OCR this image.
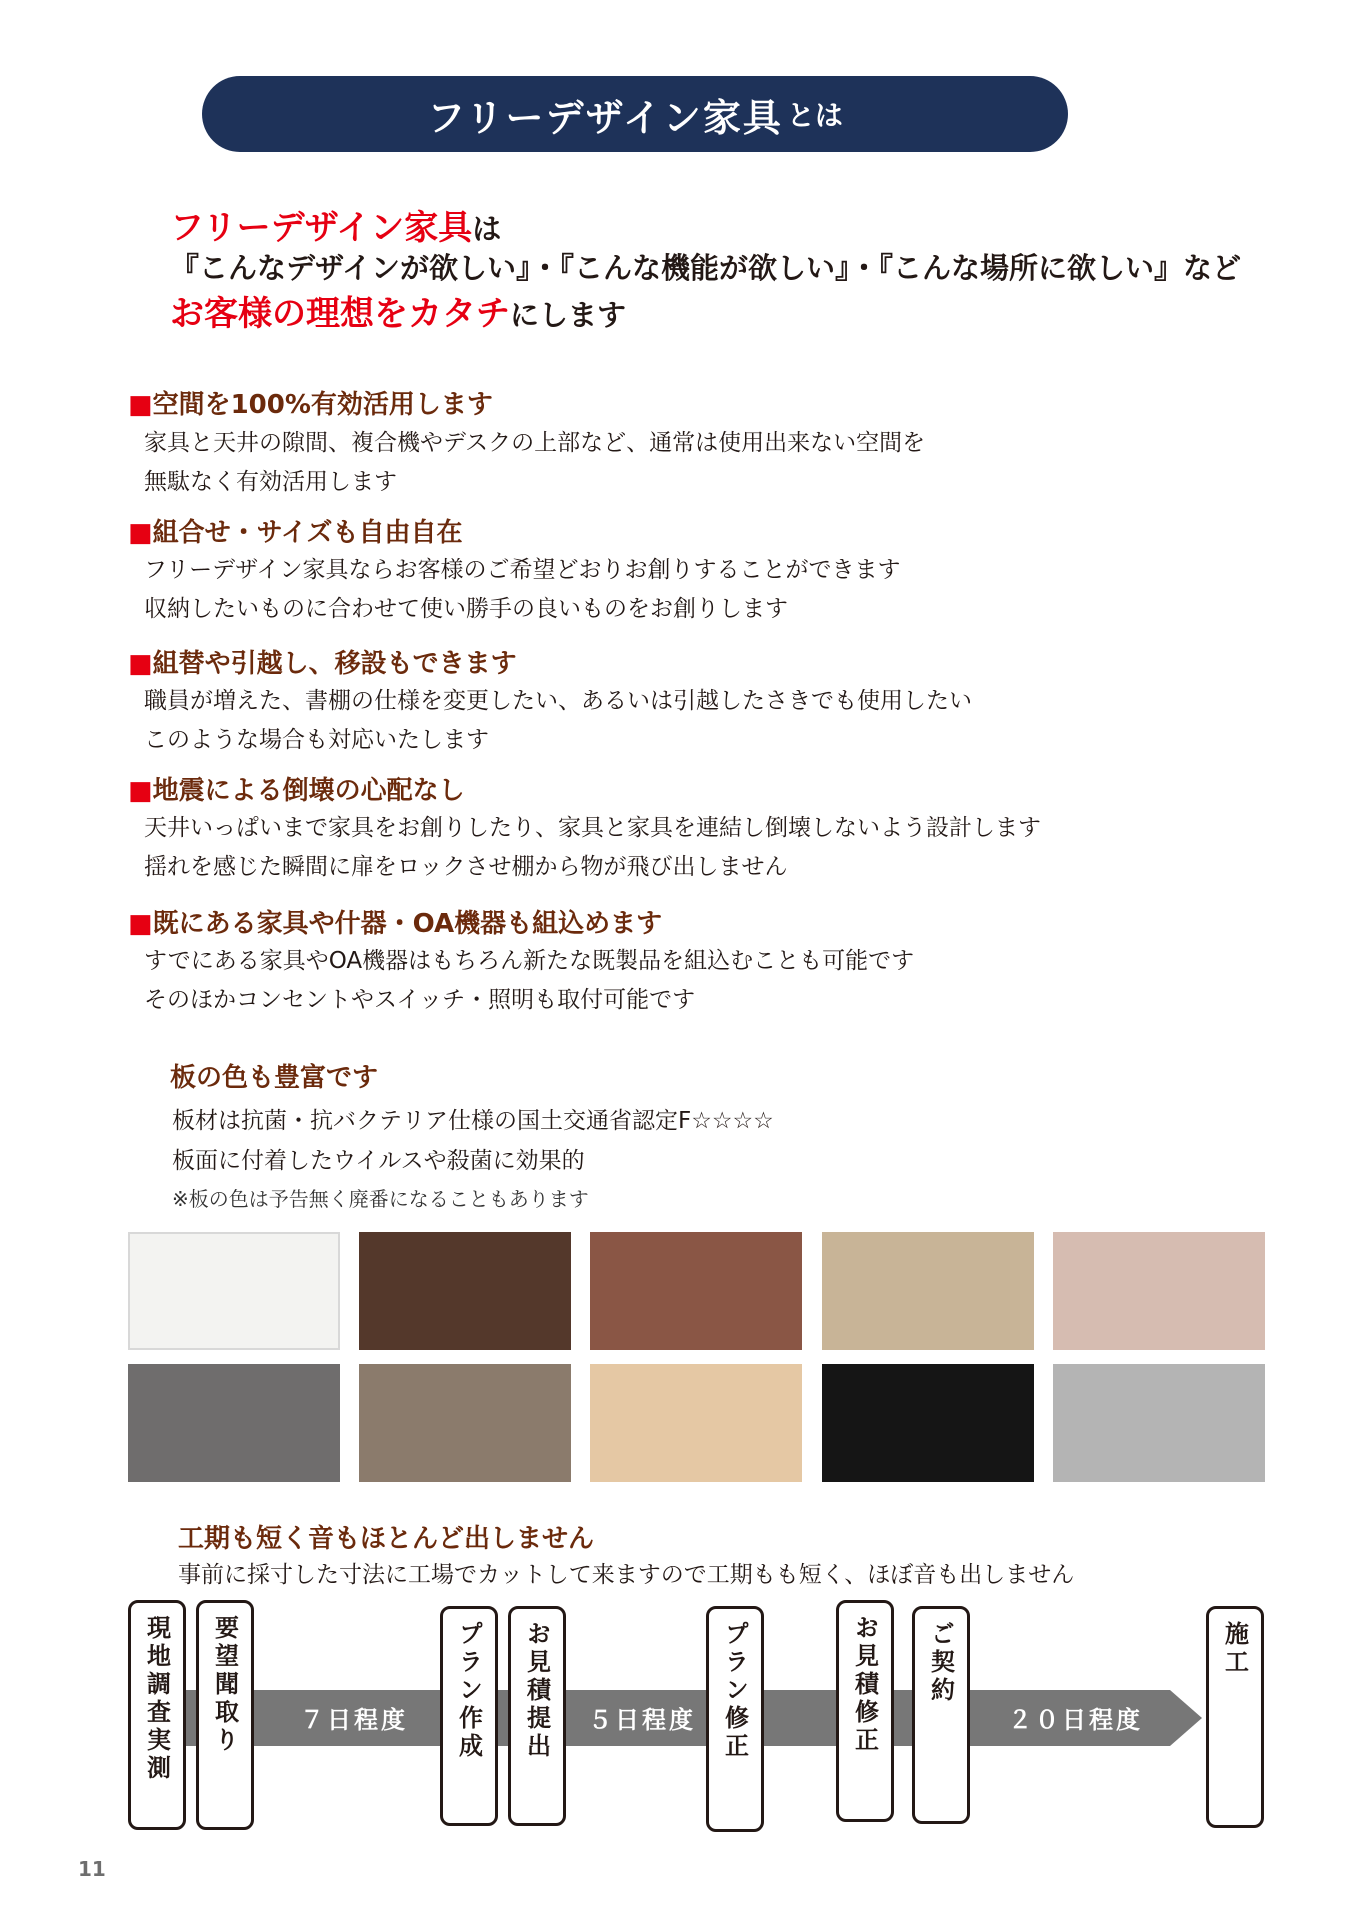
フリーデザイン家具 とは
フリーデザイン家具は
『こんなデザインが欲しい』・『こんな機能が欲しい』・『こんな場所に欲しい』など
お客様の理想をカタチにします
■空間を100%有効活用します
家具と天井の隙間、複合機やデスクの上部など、通常は使用出来ない空間を
無駄なく有効活用します
■組合せ・サイズも自由自在
フリーデザイン家具ならお客様のご希望どおりお創りすることができます
収納したいものに合わせて使い勝手の良いものをお創りします
■組替や引越し、移設もできます
職員が増えた、書棚の仕様を変更したい、あるいは引越したさきでも使用したい
このような場合も対応いたします
■地震による倒壊の心配なし
天井いっぱいまで家具をお創りしたり、家具と家具を連結し倒壊しないよう設計します
揺れを感じた瞬間に扉をロックさせ棚から物が飛び出しません
■既にある家具や什器・OA機器も組込めます
すでにある家具やOA機器はもちろん新たな既製品を組込むことも可能です
そのほかコンセントやスイッチ・照明も取付可能です
板の色も豊富です
板材は抗菌・抗バクテリア仕様の国土交通省認定F☆☆☆☆
板面に付着したウイルスや殺菌に効果的
※板の色は予告無く廃番になることもあります
工期も短く音もほとんど出しません
事前に採寸した寸法に工場でカットして来ますので工期もも短く、ほぼ音も出しません
現地調査実測 要望聞取り	プラン作成 お見積提出	プラン修正	お見積修正 ご契約	施工
７日程度	５日程度	２０日程度
11
